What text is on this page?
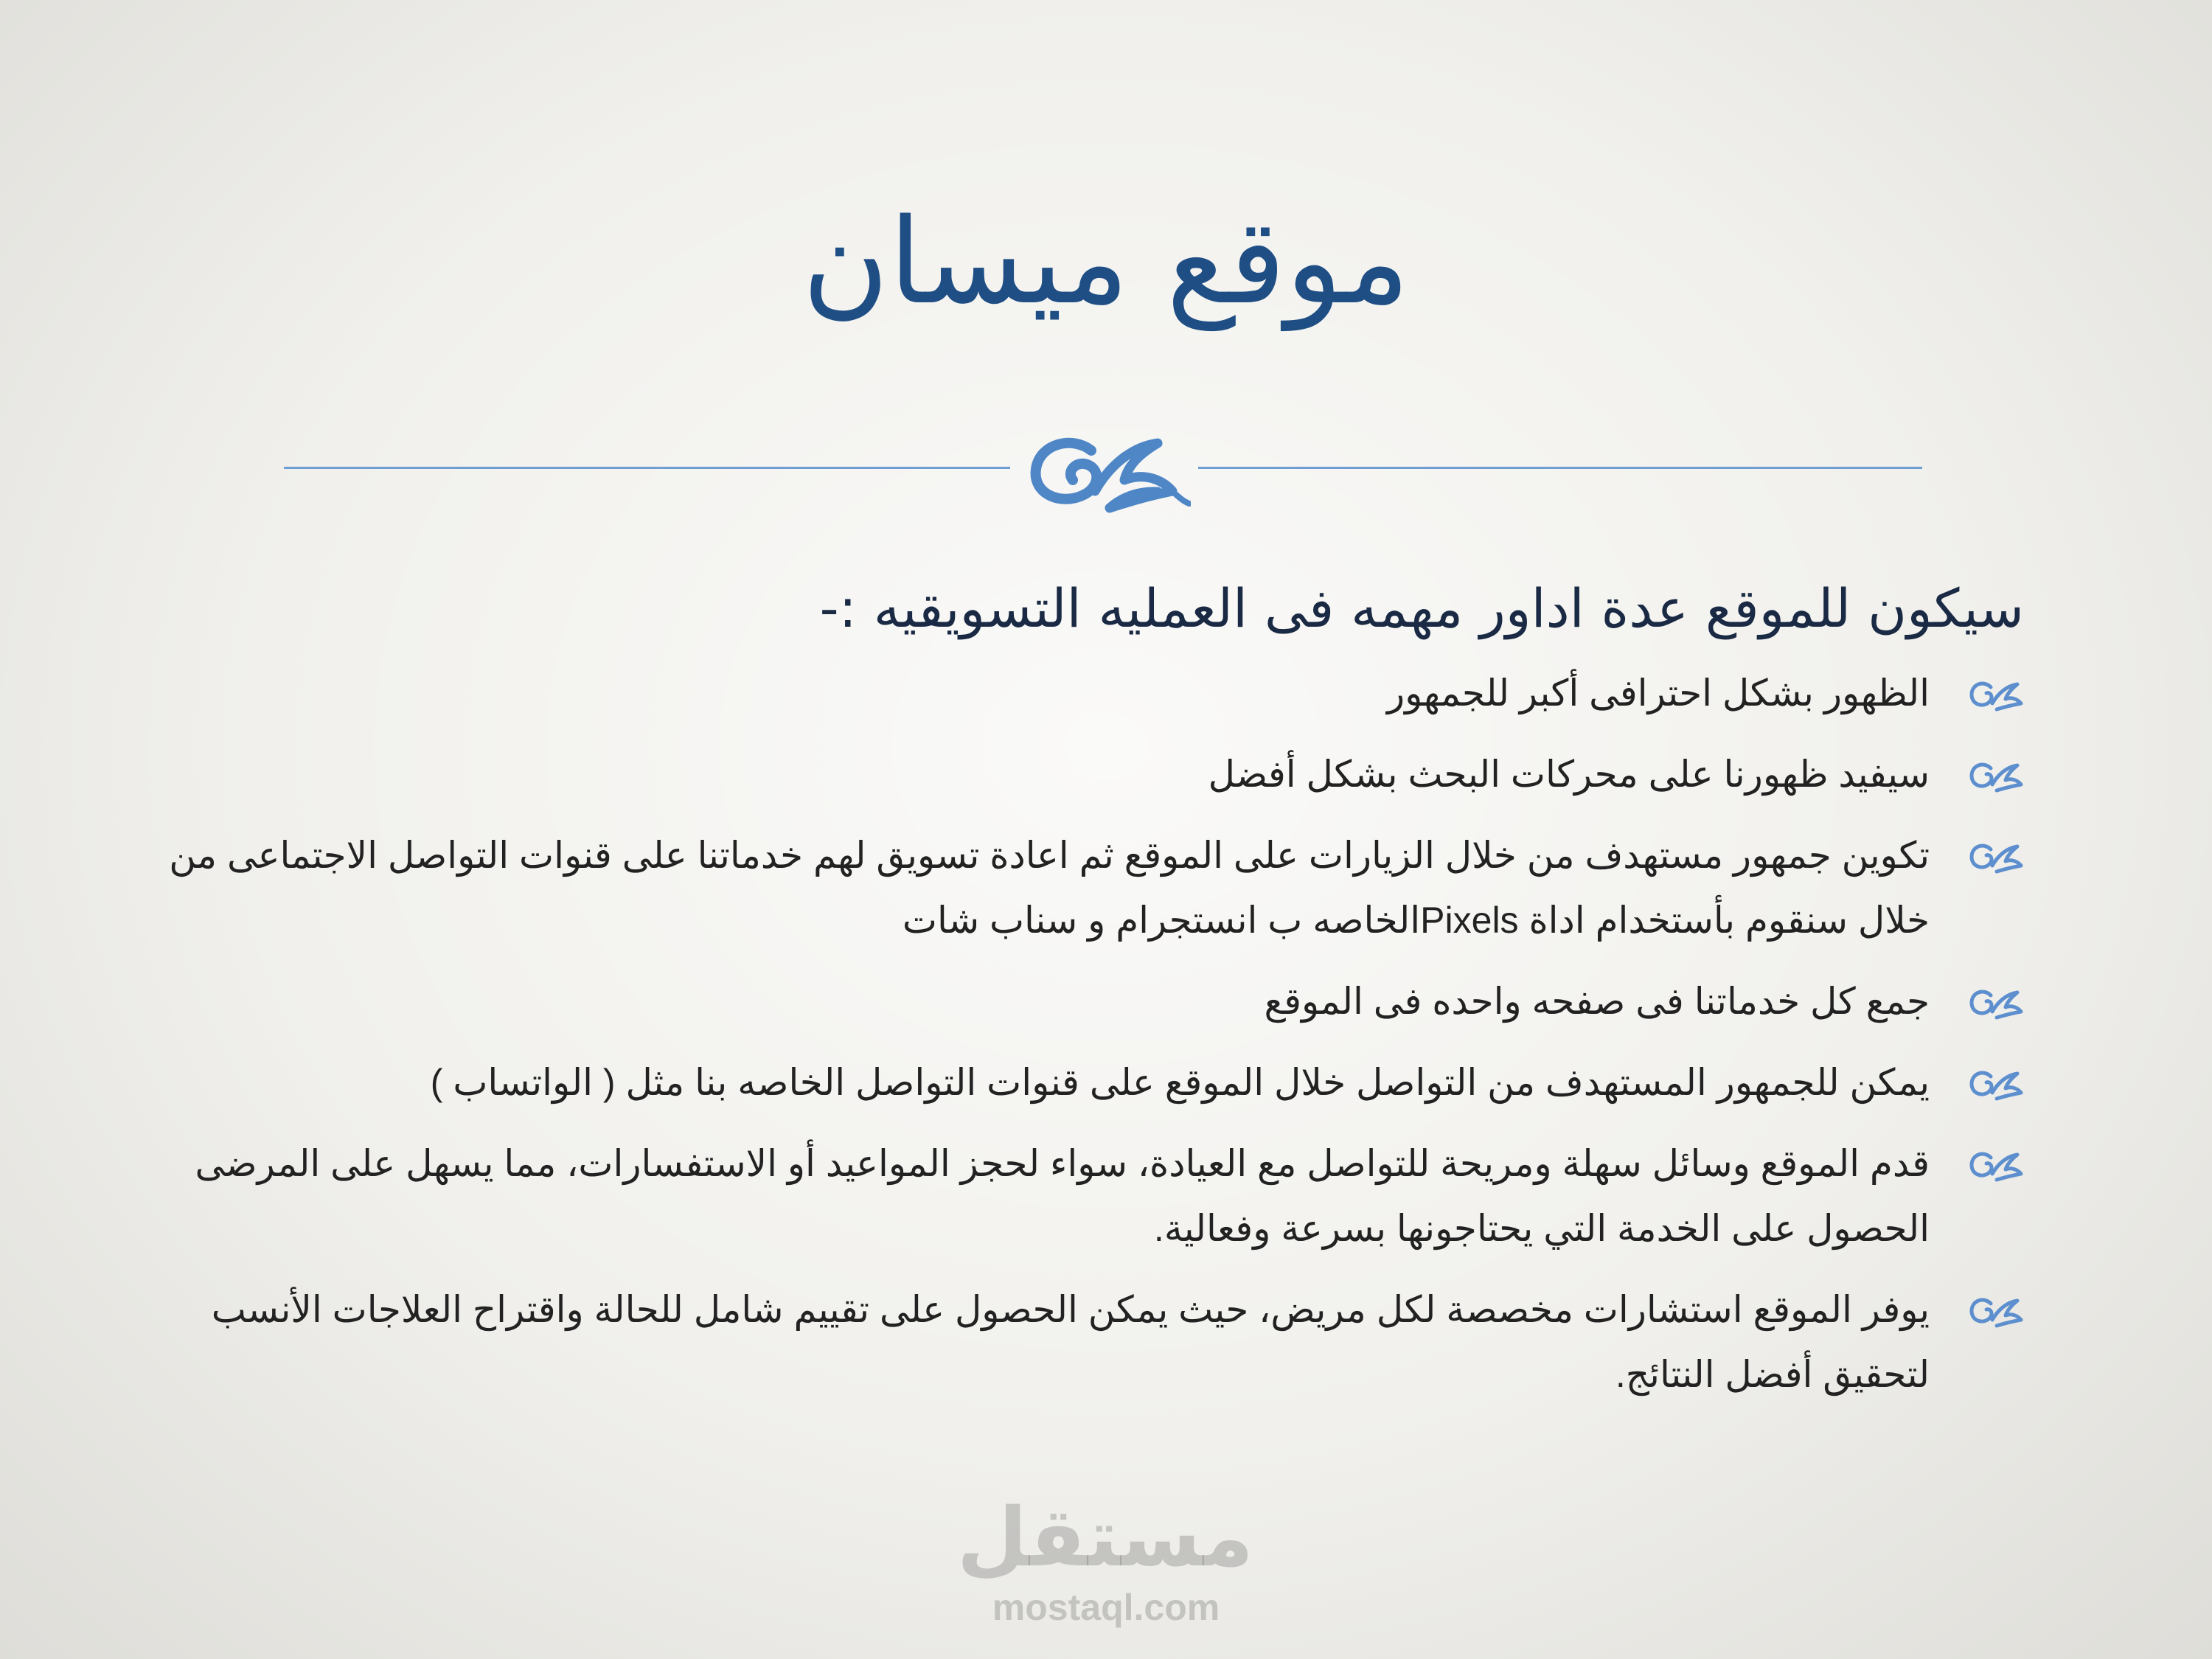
موقع ميسان

سيكون للموقع عدة اداور مهمه فى العمليه التسويقيه :-

الظهور بشكل احترافى أكبر للجمهور
سيفيد ظهورنا على محركات البحث بشكل أفضل
تكوين جمهور مستهدف من خلال الزيارات على الموقع ثم اعادة تسويق لهم خدماتنا على قنوات التواصل الاجتماعى من خلال سنقوم بأستخدام اداة Pixelsالخاصه ب انستجرام و سناب شات
جمع كل خدماتنا فى صفحه واحده فى الموقع
يمكن للجمهور المستهدف من التواصل خلال الموقع على قنوات التواصل الخاصه بنا مثل ( الواتساب )
قدم الموقع وسائل سهلة ومريحة للتواصل مع العيادة، سواء لحجز المواعيد أو الاستفسارات، مما يسهل على المرضى الحصول على الخدمة التي يحتاجونها بسرعة وفعالية.
يوفر الموقع استشارات مخصصة لكل مريض، حيث يمكن الحصول على تقييم شامل للحالة واقتراح العلاجات الأنسب لتحقيق أفضل النتائج.
مستقل
mostaql.com
